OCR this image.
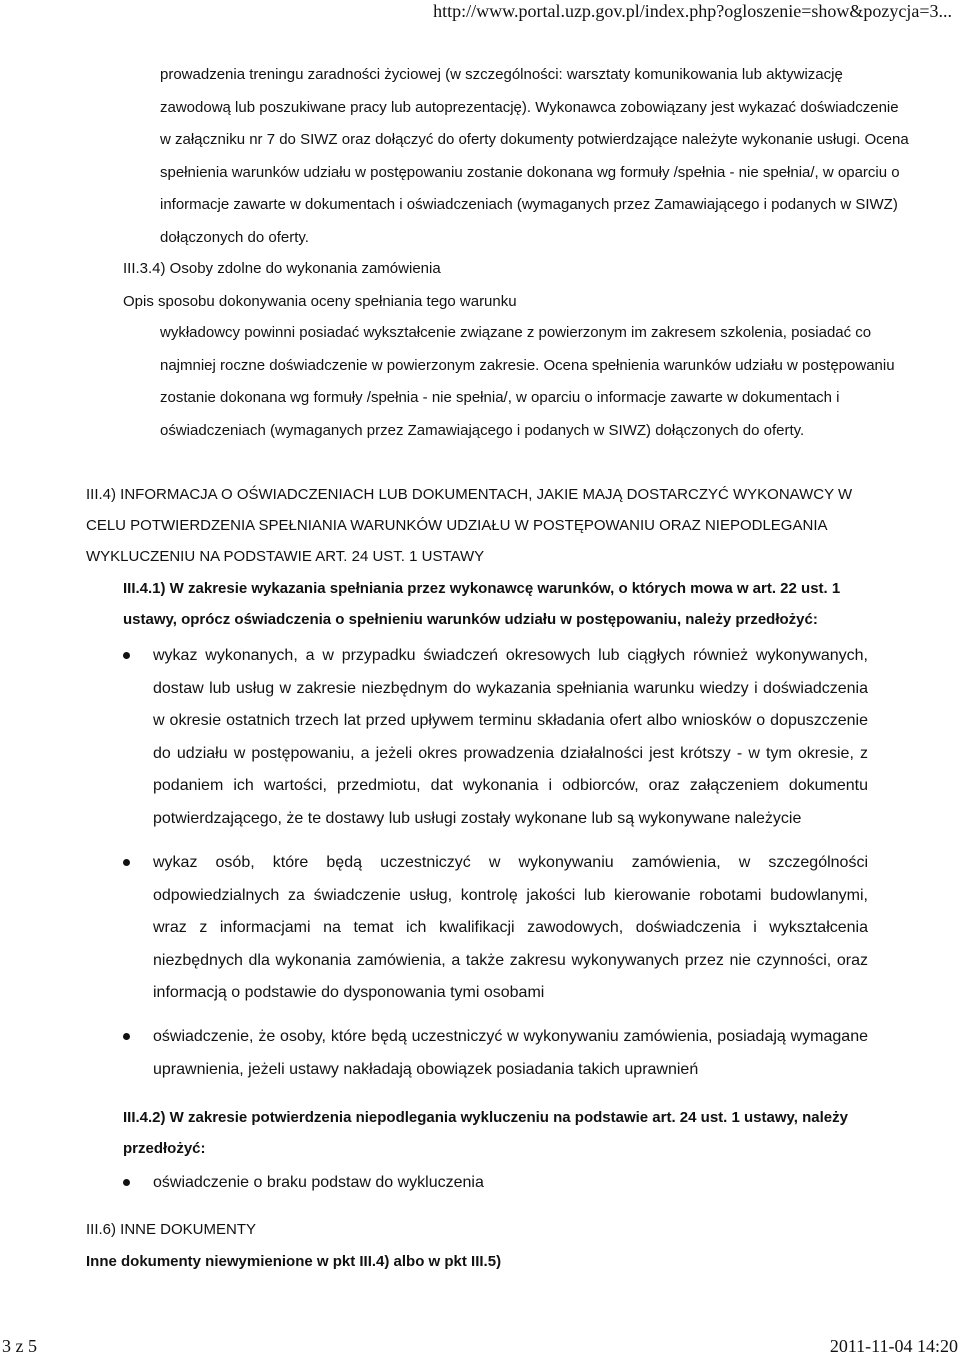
http://www.portal.uzp.gov.pl/index.php?ogloszenie=show&pozycja=3...

prowadzenia treningu zaradności życiowej (w szczególności: warsztaty komunikowania lub aktywizację zawodową lub poszukiwane pracy lub autoprezentację). Wykonawca zobowiązany jest wykazać doświadczenie w załączniku nr 7 do SIWZ oraz dołączyć do oferty dokumenty potwierdzające należyte wykonanie usługi. Ocena spełnienia warunków udziału w postępowaniu zostanie dokonana wg formuły /spełnia - nie spełnia/, w oparciu o informacje zawarte w dokumentach i oświadczeniach (wymaganych przez Zamawiającego i podanych w SIWZ) dołączonych do oferty.

III.3.4) Osoby zdolne do wykonania zamówienia

Opis sposobu dokonywania oceny spełniania tego warunku

wykładowcy powinni posiadać wykształcenie związane z powierzonym im zakresem szkolenia, posiadać co najmniej roczne doświadczenie w powierzonym zakresie. Ocena spełnienia warunków udziału w postępowaniu zostanie dokonana wg formuły /spełnia - nie spełnia/, w oparciu o informacje zawarte w dokumentach i oświadczeniach (wymaganych przez Zamawiającego i podanych w SIWZ) dołączonych do oferty.

III.4) INFORMACJA O OŚWIADCZENIACH LUB DOKUMENTACH, JAKIE MAJĄ DOSTARCZYĆ WYKONAWCY W CELU POTWIERDZENIA SPEŁNIANIA WARUNKÓW UDZIAŁU W POSTĘPOWANIU ORAZ NIEPODLEGANIA WYKLUCZENIU NA PODSTAWIE ART. 24 UST. 1 USTAWY

III.4.1) W zakresie wykazania spełniania przez wykonawcę warunków, o których mowa w art. 22 ust. 1 ustawy, oprócz oświadczenia o spełnieniu warunków udziału w postępowaniu, należy przedłożyć:

wykaz wykonanych, a w przypadku świadczeń okresowych lub ciągłych również wykonywanych, dostaw lub usług w zakresie niezbędnym do wykazania spełniania warunku wiedzy i doświadczenia w okresie ostatnich trzech lat przed upływem terminu składania ofert albo wniosków o dopuszczenie do udziału w postępowaniu, a jeżeli okres prowadzenia działalności jest krótszy - w tym okresie, z podaniem ich wartości, przedmiotu, dat wykonania i odbiorców, oraz załączeniem dokumentu potwierdzającego, że te dostawy lub usługi zostały wykonane lub są wykonywane należycie
wykaz osób, które będą uczestniczyć w wykonywaniu zamówienia, w szczególności odpowiedzialnych za świadczenie usług, kontrolę jakości lub kierowanie robotami budowlanymi, wraz z informacjami na temat ich kwalifikacji zawodowych, doświadczenia i wykształcenia niezbędnych dla wykonania zamówienia, a także zakresu wykonywanych przez nie czynności, oraz informacją o podstawie do dysponowania tymi osobami
oświadczenie, że osoby, które będą uczestniczyć w wykonywaniu zamówienia, posiadają wymagane uprawnienia, jeżeli ustawy nakładają obowiązek posiadania takich uprawnień

III.4.2) W zakresie potwierdzenia niepodlegania wykluczeniu na podstawie art. 24 ust. 1 ustawy, należy przedłożyć:

oświadczenie o braku podstaw do wykluczenia

III.6) INNE DOKUMENTY

Inne dokumenty niewymienione w pkt III.4) albo w pkt III.5)

3 z 5	2011-11-04 14:20
